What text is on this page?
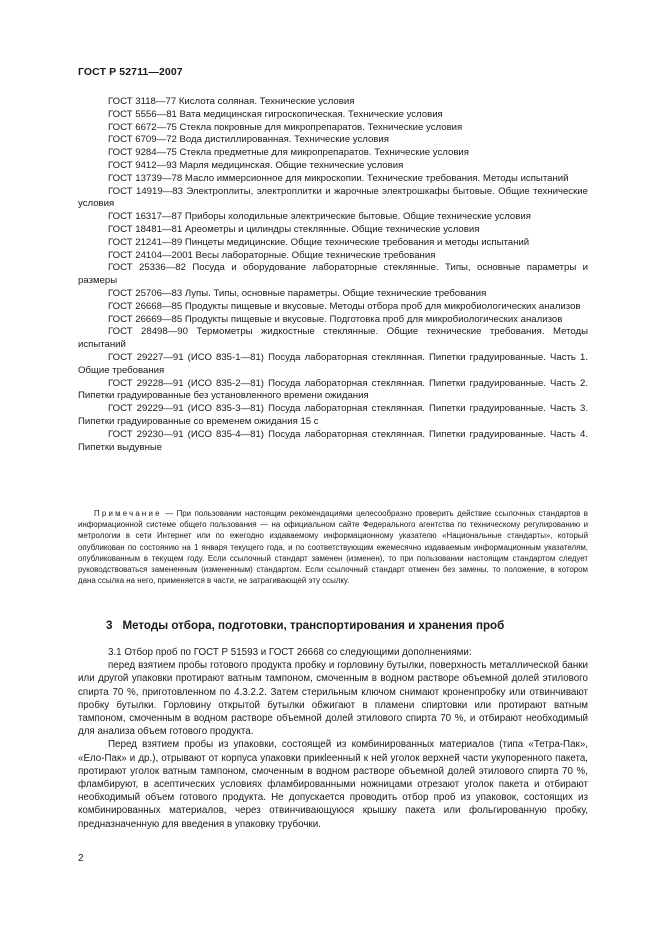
ГОСТ Р 52711—2007

ГОСТ 3118—77 Кислота соляная. Технические условия

ГОСТ 5556—81 Вата медицинская гигроскопическая. Технические условия

ГОСТ 6672—75 Стекла покровные для микропрепаратов. Технические условия

ГОСТ 6709—72 Вода дистиллированная. Технические условия

ГОСТ 9284—75 Стекла предметные для микропрепаратов. Технические условия

ГОСТ 9412—93 Марля медицинская. Общие технические условия

ГОСТ 13739—78 Масло иммерсионное для микроскопии. Технические требования. Методы испытаний

ГОСТ 14919—83 Электроплиты, электроплитки и жарочные электрошкафы бытовые. Общие технические условия

ГОСТ 16317—87 Приборы холодильные электрические бытовые. Общие технические условия

ГОСТ 18481—81 Ареометры и цилиндры стеклянные. Общие технические условия

ГОСТ 21241—89 Пинцеты медицинские. Общие технические требования и методы испытаний

ГОСТ 24104—2001 Весы лабораторные. Общие технические требования

ГОСТ 25336—82 Посуда и оборудование лабораторные стеклянные. Типы, основные параметры и размеры

ГОСТ 25706—83 Лупы. Типы, основные параметры. Общие технические требования

ГОСТ 26668—85 Продукты пищевые и вкусовые. Методы отбора проб для микробиологических анализов

ГОСТ 26669—85 Продукты пищевые и вкусовые. Подготовка проб для микробиологических анализов

ГОСТ 28498—90 Термометры жидкостные стеклянные. Общие технические требования. Методы испытаний

ГОСТ 29227—91 (ИСО 835-1—81) Посуда лабораторная стеклянная. Пипетки градуированные. Часть 1. Общие требования

ГОСТ 29228—91 (ИСО 835-2—81) Посуда лабораторная стеклянная. Пипетки градуированные. Часть 2. Пипетки градуированные без установленного времени ожидания

ГОСТ 29229—91 (ИСО 835-3—81) Посуда лабораторная стеклянная. Пипетки градуированные. Часть 3. Пипетки градуированные со временем ожидания 15 с

ГОСТ 29230—91 (ИСО 835-4—81) Посуда лабораторная стеклянная. Пипетки градуированные. Часть 4. Пипетки выдувные

Примечание — При пользовании настоящим рекомендациями целесообразно проверить действие ссылочных стандартов в информационной системе общего пользования — на официальном сайте Федерального агентства по техническому регулированию и метрологии в сети Интернет или по ежегодно издаваемому информационному указателю «Национальные стандарты», который опубликован по состоянию на 1 января текущего года, и по соответствующим ежемесячно издаваемым информационным указателям, опубликованным в текущем году. Если ссылочный стандарт заменен (изменен), то при пользовании настоящим стандартом следует руководствоваться замененным (измененным) стандартом. Если ссылочный стандарт отменен без замены, то положение, в котором дана ссылка на него, применяется в части, не затрагивающей эту ссылку.

3 Методы отбора, подготовки, транспортирования и хранения проб

3.1 Отбор проб по ГОСТ Р 51593 и ГОСТ 26668 со следующими дополнениями:

перед взятием пробы готового продукта пробку и горловину бутылки, поверхность металлической банки или другой упаковки протирают ватным тампоном, смоченным в водном растворе объемной долей этилового спирта 70 %, приготовленном по 4.3.2.2. Затем стерильным ключом снимают кроненпробку или отвинчивают пробку бутылки. Горловину открытой бутылки обжигают в пламени спиртовки или протирают ватным тампоном, смоченным в водном растворе объемной долей этилового спирта 70 %, и отбирают необходимый для анализа объем готового продукта.

Перед взятием пробы из упаковки, состоящей из комбинированных материалов (типа «Тетра-Пак», «Ело-Пак» и др.), отрывают от корпуса упаковки прикleенный к ней уголок верхней части укупоренного пакета, протирают уголок ватным тампоном, смоченным в водном растворе объемной долей этилового спирта 70 %, фламбируют, в асептических условиях фламбированными ножницами отрезают уголок пакета и отбирают необходимый объем готового продукта. Не допускается проводить отбор проб из упаковок, состоящих из комбинированных материалов, через отвинчивающуюся крышку пакета или фольгированную пробку, предназначенную для введения в упаковку трубочки.

2
